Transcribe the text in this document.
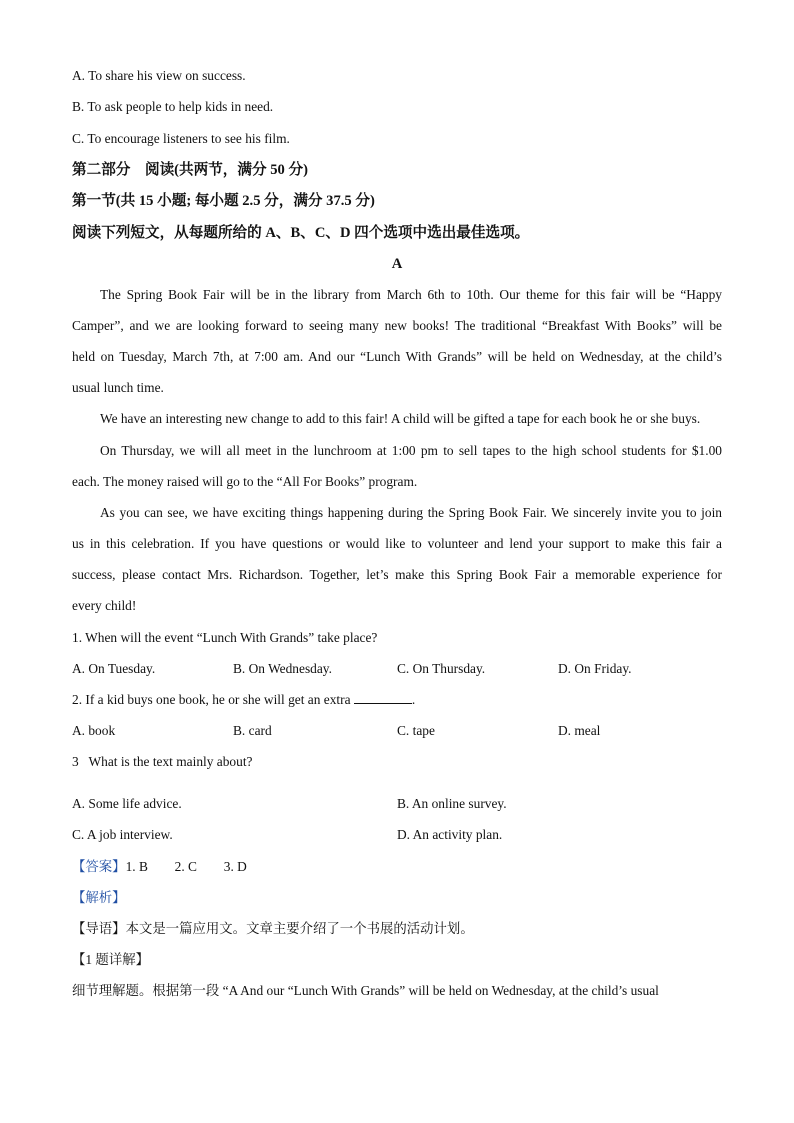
A. To share his view on success.
B. To ask people to help kids in need.
C. To encourage listeners to see his film.
第二部分　阅读(共两节，满分 50 分)
第一节(共 15 小题; 每小题 2.5 分，满分 37.5 分)
阅读下列短文，从每题所给的 A、B、C、D 四个选项中选出最佳选项。
A
The Spring Book Fair will be in the library from March 6th to 10th. Our theme for this fair will be “Happy
Camper”, and we are looking forward to seeing many new books! The traditional “Breakfast With Books” will be
held on Tuesday, March 7th, at 7:00 am. And our “Lunch With Grands” will be held on Wednesday, at the child’s
usual lunch time.
We have an interesting new change to add to this fair! A child will be gifted a tape for each book he or she buys.
On Thursday, we will all meet in the lunchroom at 1:00 pm to sell tapes to the high school students for $1.00
each. The money raised will go to the “All For Books” program.
As you can see, we have exciting things happening during the Spring Book Fair. We sincerely invite you to join
us in this celebration. If you have questions or would like to volunteer and lend your support to make this fair a
success, please contact Mrs. Richardson. Together, let’s make this Spring Book Fair a memorable experience for
every child!
1. When will the event “Lunch With Grands” take place?
A. On Tuesday.	B. On Wednesday.	C. On Thursday.	D. On Friday.
2. If a kid buys one book, he or she will get an extra	.
A. book	B. card	C. tape	D. meal
3   What is the text mainly about?
A. Some life advice.	B. An online survey.
C. A job interview.	D. An activity plan.
【答案】1. B　　2. C　　3. D
【解析】
【导语】本文是一篇应用文。文章主要介绍了一个书展的活动计划。
【1 题详解】
细节理解题。根据第一段 “A And our “Lunch With Grands” will be held on Wednesday, at the child’s usual
